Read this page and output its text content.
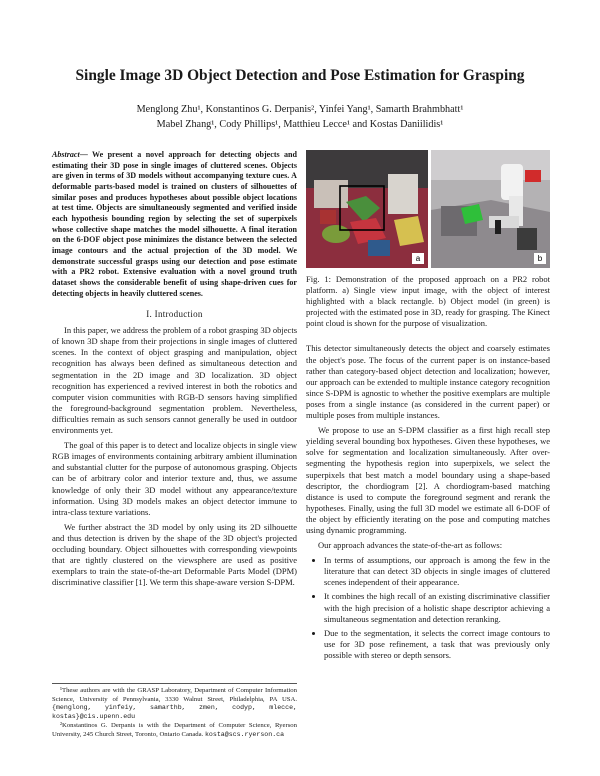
Single Image 3D Object Detection and Pose Estimation for Grasping
Menglong Zhu¹, Konstantinos G. Derpanis², Yinfei Yang¹, Samarth Brahmbhatt¹
Mabel Zhang¹, Cody Phillips¹, Matthieu Lecce¹ and Kostas Daniilidis¹
Abstract— We present a novel approach for detecting objects and estimating their 3D pose in single images of cluttered scenes. Objects are given in terms of 3D models without accompanying texture cues. A deformable parts-based model is trained on clusters of silhouettes of similar poses and produces hypotheses about possible object locations at test time. Objects are simultaneously segmented and verified inside each hypothesis bounding region by selecting the set of superpixels whose collective shape matches the model silhouette. A final iteration on the 6-DOF object pose minimizes the distance between the selected image contours and the actual projection of the 3D model. We demonstrate successful grasps using our detection and pose estimate with a PR2 robot. Extensive evaluation with a novel ground truth dataset shows the considerable benefit of using shape-driven cues for detecting objects in heavily cluttered scenes.
I. Introduction

In this paper, we address the problem of a robot grasping 3D objects of known 3D shape from their projections in single images of cluttered scenes. In the context of object grasping and manipulation, object recognition has always been defined as simultaneous detection and segmentation in the 2D image and 3D localization. 3D object recognition has experienced a revived interest in both the robotics and computer vision communities with RGB-D sensors having simplified the foreground-background segmentation problem. Nevertheless, difficulties remain as such sensors cannot generally be used in outdoor environments yet.

The goal of this paper is to detect and localize objects in single view RGB images of environments containing arbitrary ambient illumination and substantial clutter for the purpose of autonomous grasping. Objects can be of arbitrary color and interior texture and, thus, we assume knowledge of only their 3D model without any appearance/texture information. Using 3D models makes an object detector immune to intra-class texture variations.

We further abstract the 3D model by only using its 2D silhouette and thus detection is driven by the shape of the 3D object's projected occluding boundary. Object silhouettes with corresponding viewpoints that are tightly clustered on the viewsphere are used as positive exemplars to train the state-of-the-art Deformable Parts Model (DPM) discriminative classifier [1]. We term this shape-aware version S-DPM.

¹These authors are with the GRASP Laboratory, Department of Computer Information Science, University of Pennsylvania, 3330 Walnut Street, Philadelphia, PA USA. {menglong, yinfeiy, samarthb, zmen, codyp, mlecce, kostas}@cis.upenn.edu

²Konstantinos G. Derpanis is with the Department of Computer Science, Ryerson University, 245 Church Street, Toronto, Ontario Canada. kosta@scs.ryerson.ca

a	b
Fig. 1: Demonstration of the proposed approach on a PR2 robot platform. a) Single view input image, with the object of interest highlighted with a black rectangle. b) Object model (in green) is projected with the estimated pose in 3D, ready for grasping. The Kinect point cloud is shown for the purpose of visualization.

This detector simultaneously detects the object and coarsely estimates the object's pose. The focus of the current paper is on instance-based rather than category-based object detection and localization; however, our approach can be extended to multiple instance category recognition since S-DPM is agnostic to whether the positive exemplars are multiple poses from a single instance (as considered in the current paper) or multiple poses from multiple instances.

We propose to use an S-DPM classifier as a first high recall step yielding several bounding box hypotheses. Given these hypotheses, we solve for segmentation and localization simultaneously. After over-segmenting the hypothesis region into superpixels, we select the superpixels that best match a model boundary using a shape-based descriptor, the chordiogram [2]. A chordiogram-based matching distance is used to compute the foreground segment and rerank the hypotheses. Finally, using the full 3D model we estimate all 6-DOF of the object by efficiently iterating on the pose and computing matches using dynamic programming.

Our approach advances the state-of-the-art as follows:

• In terms of assumptions, our approach is among the few in the literature that can detect 3D objects in single images of cluttered scenes independent of their appearance.
• It combines the high recall of an existing discriminative classifier with the high precision of a holistic shape descriptor achieving a simultaneous segmentation and detection reranking.
• Due to the segmentation, it selects the correct image contours to use for 3D pose refinement, a task that was previously only possible with stereo or depth sensors.
